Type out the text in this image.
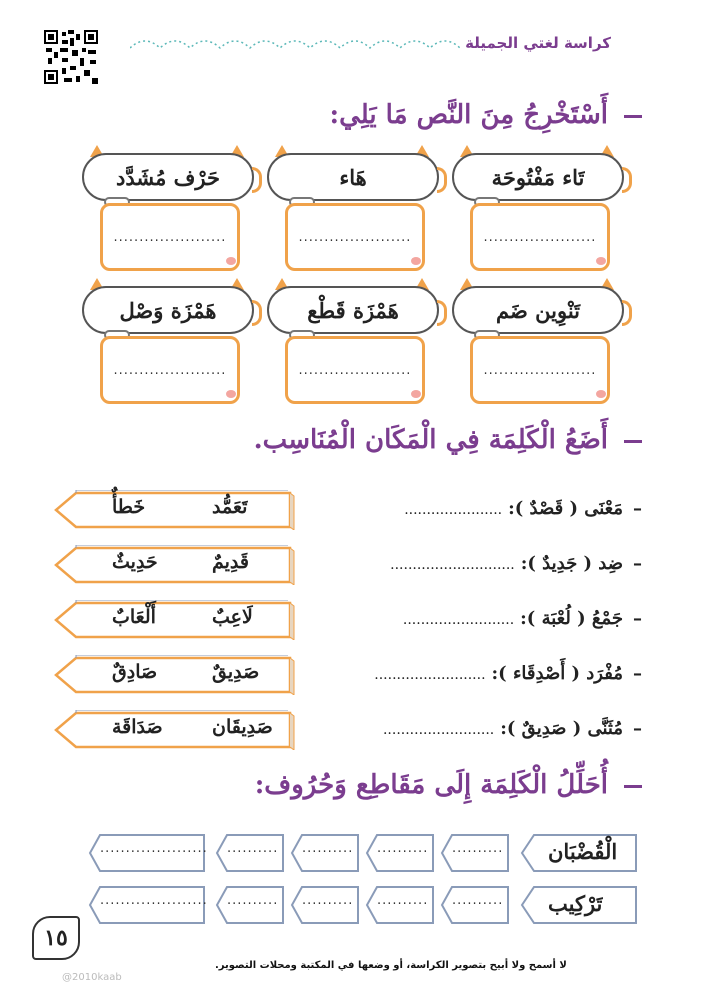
كراسة لغتي الجميلة
أَسْتَخْرِجُ مِنَ النَّص مَا يَلِي:
تَاء مَفْتُوحَة
......................
هَاء
......................
حَرْف مُشَدَّد
......................
تَنْوِين ضَم
......................
هَمْزَة قَطْع
......................
هَمْزَة وَصْل
......................
أَضَعُ الْكَلِمَة فِي الْمَكَان الْمُنَاسِب.
–مَعْنَى ( قَصْدٌ ):......................
تَعَمُّد
خَطأٌ
–ضِد ( جَدِيدٌ ):............................
قَدِيمٌ
حَدِيثٌ
–جَمْعُ ( لُعْبَة ):.........................
لَاعِبٌ
أَلْعَابٌ
–مُفْرَد ( أَصْدِقَاء ):.........................
صَدِيقٌ
صَادِقٌ
–مُثَنَّى ( صَدِيقٌ ):.........................
صَدِيقَان
صَدَاقَة
أُحَلِّلُ الْكَلِمَة إِلَى مَقَاطِع وَحُرُوف:
الْقُضْبَان
..........
..........
..........
..........
.....................
تَرْكِيب
..........
..........
..........
..........
.....................
١٥
لا أسمح ولا أبيح بتصوير الكراسة، أو وضعها في المكتبة ومحلات التصوير.
@2010kaab
